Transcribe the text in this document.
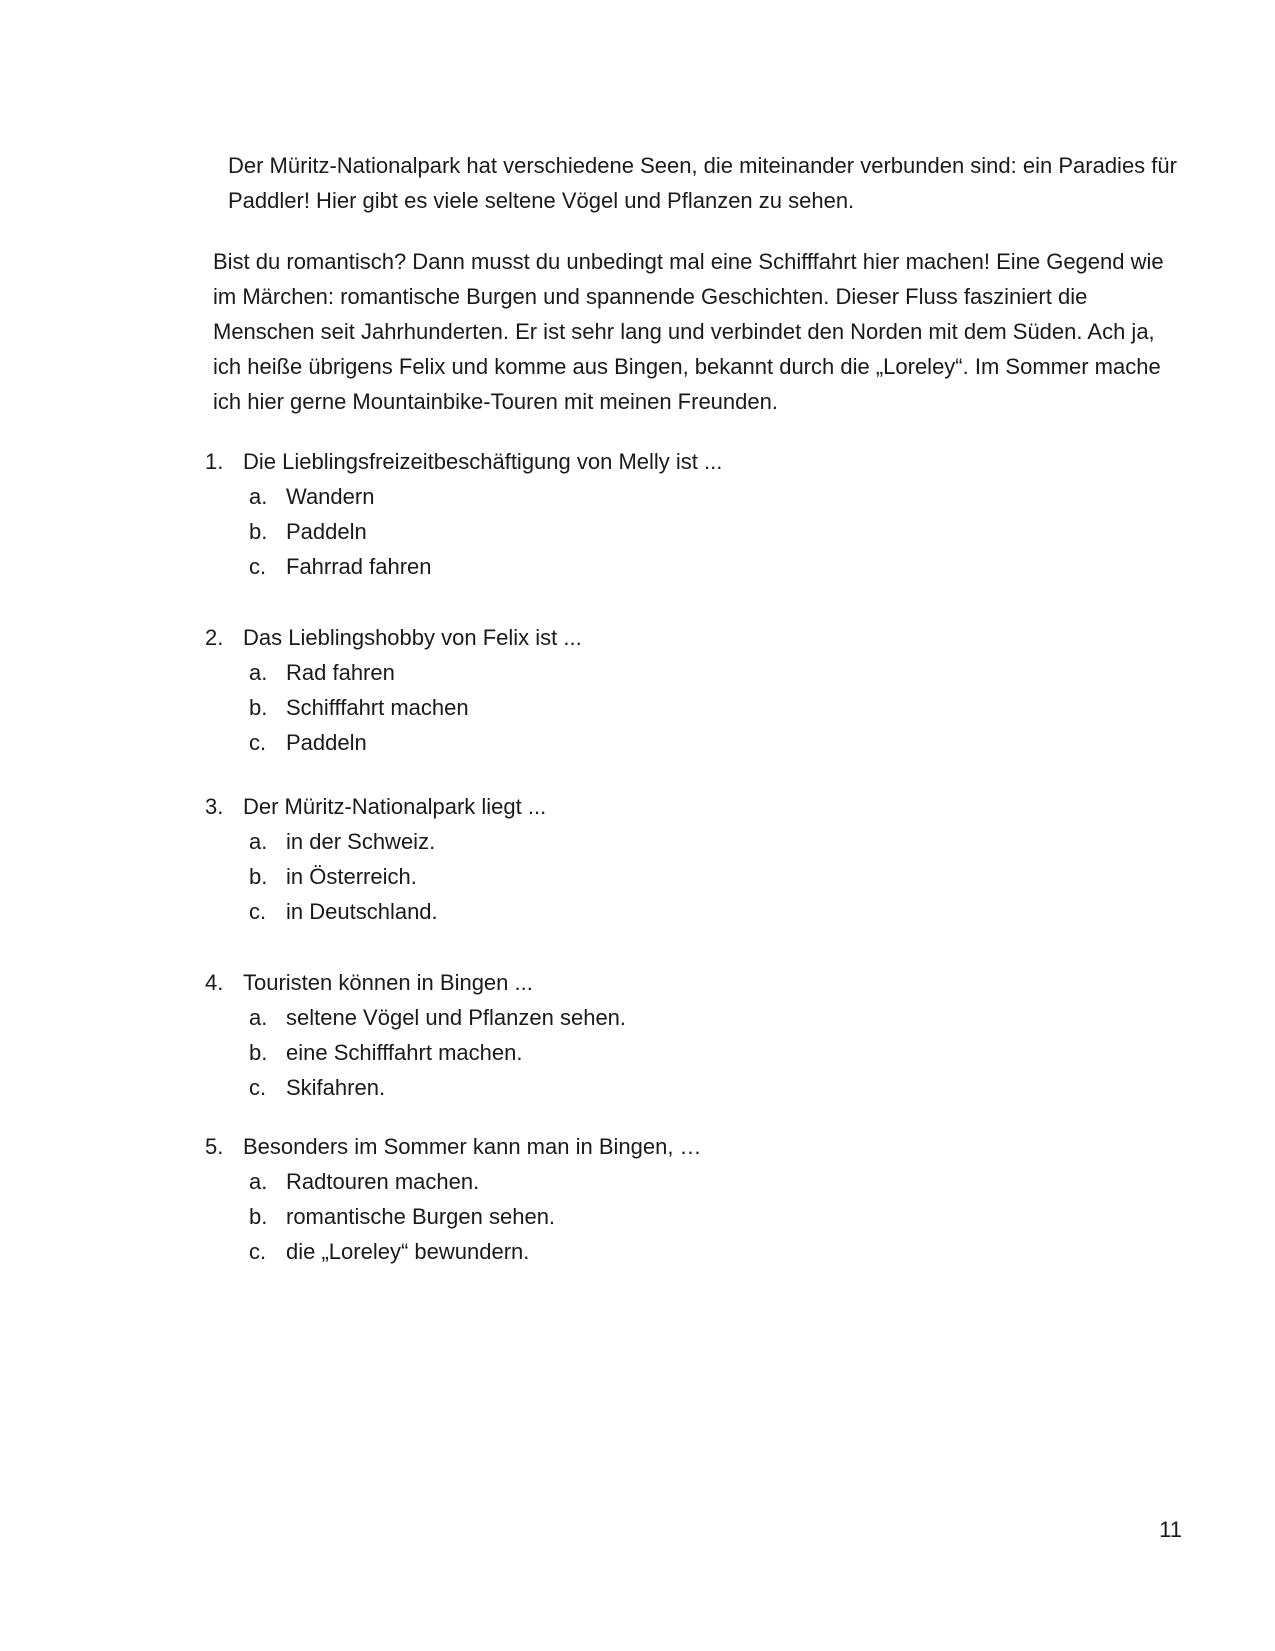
Der Müritz-Nationalpark hat verschiedene Seen, die miteinander verbunden sind: ein Paradies für Paddler! Hier gibt es viele seltene Vögel und Pflanzen zu sehen.

Bist du romantisch? Dann musst du unbedingt mal eine Schifffahrt hier machen! Eine Gegend wie im Märchen: romantische Burgen und spannende Geschichten. Dieser Fluss fasziniert die Menschen seit Jahrhunderten. Er ist sehr lang und verbindet den Norden mit dem Süden. Ach ja, ich heiße übrigens Felix und komme aus Bingen, bekannt durch die „Loreley“. Im Sommer mache ich hier gerne Mountainbike-Touren mit meinen Freunden.

1. Die Lieblingsfreizeitbeschäftigung von Melly ist ...
a. Wandern
b. Paddeln
c. Fahrrad fahren
2. Das Lieblingshobby von Felix ist ...
a. Rad fahren
b. Schifffahrt machen
c. Paddeln
3. Der Müritz-Nationalpark liegt ...
a. in der Schweiz.
b. in Österreich.
c. in Deutschland.
4. Touristen können in Bingen ...
a. seltene Vögel und Pflanzen sehen.
b. eine Schifffahrt machen.
c. Skifahren.
5. Besonders im Sommer kann man in Bingen, …
a. Radtouren machen.
b. romantische Burgen sehen.
c. die „Loreley“ bewundern.
11
